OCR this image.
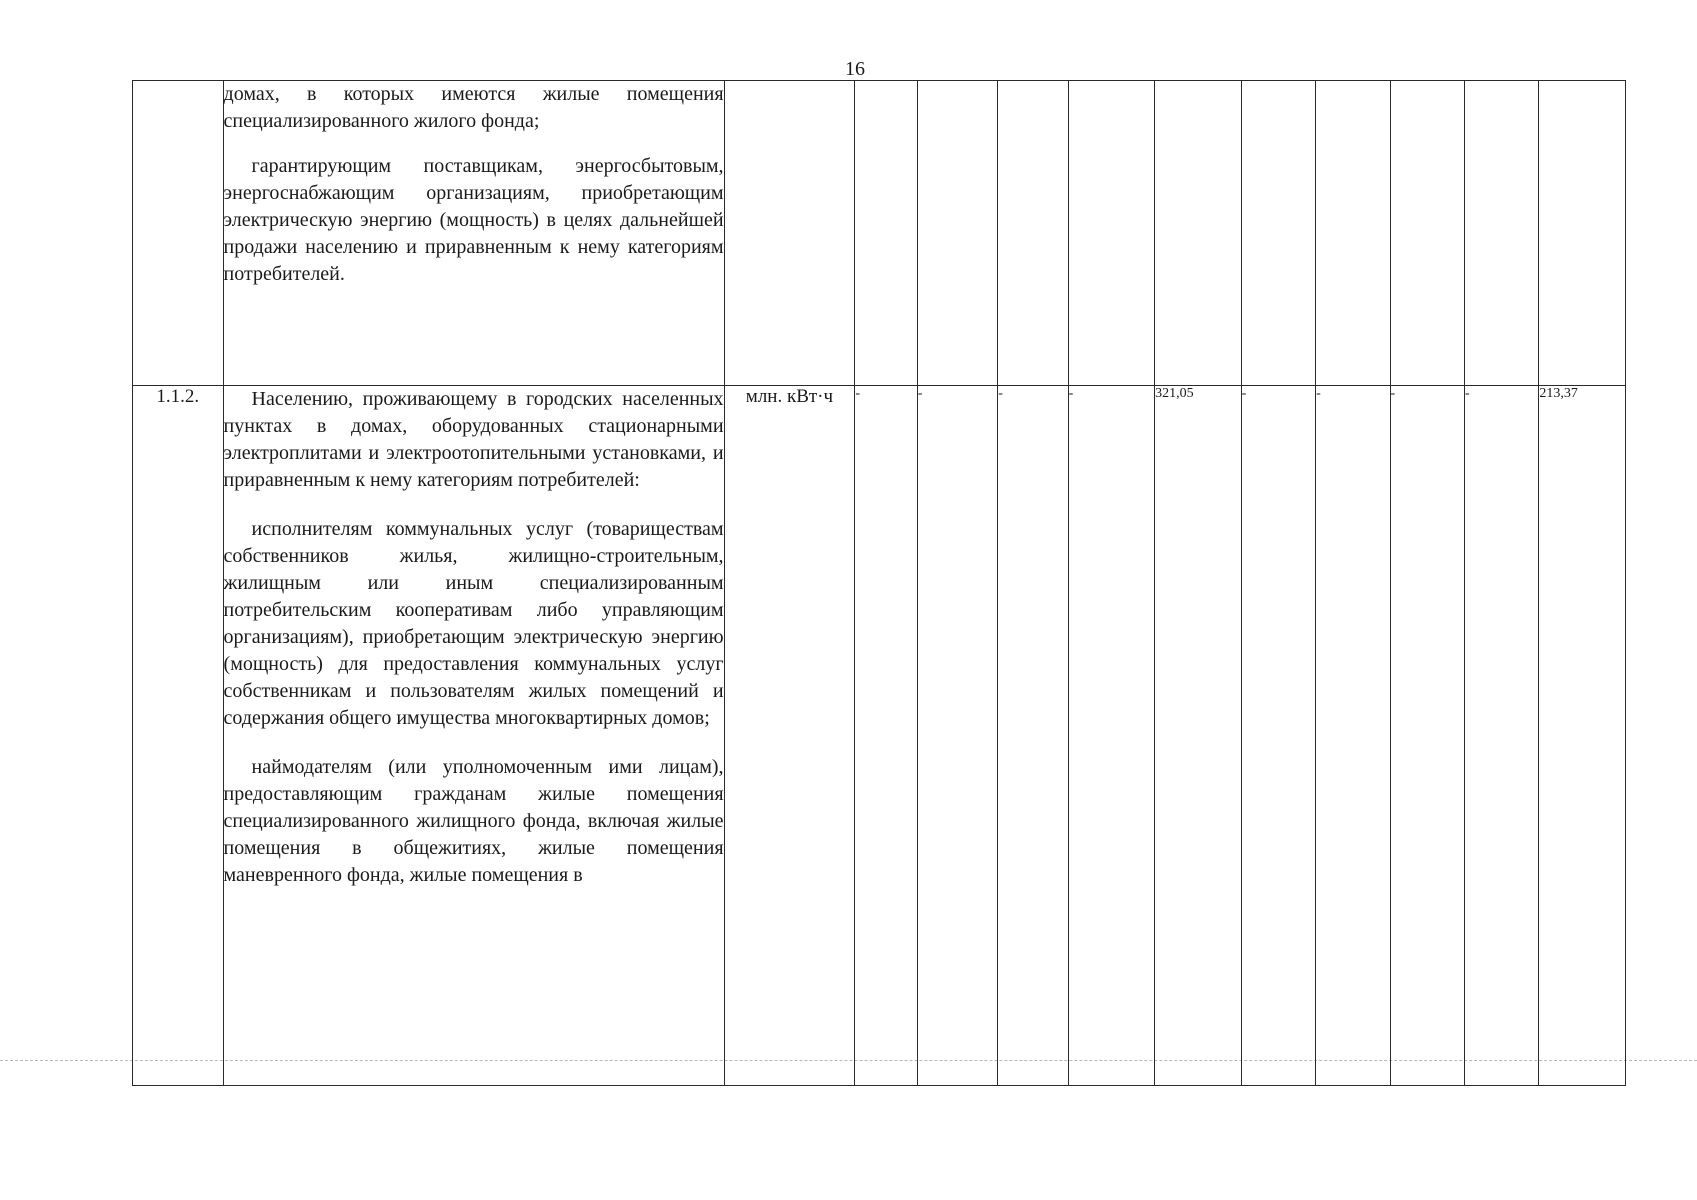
16

	домах, в которых имеются жилые помещения специализированного жилого фонда;

гарантирующим поставщикам, энергосбытовым, энергоснабжающим организациям, приобретающим электрическую энергию (мощность) в целях дальнейшей продажи населению и приравненным к нему категориям потребителей.											

1.1.2.	Населению, проживающему в городских населенных пунктах в домах, оборудованных стационарными электроплитами и электроотопительными установками, и приравненным к нему категориям потребителей:

исполнителям коммунальных услуг (товариществам собственников жилья, жилищно-строительным, жилищным или иным специализированным потребительским кооперативам либо управляющим организациям), приобретающим электрическую энергию (мощность) для предоставления коммунальных услуг собственникам и пользователям жилых помещений и содержания общего имущества многоквартирных домов;

наймодателям (или уполномоченным ими лицам), предоставляющим гражданам жилые помещения специализированного жилищного фонда, включая жилые помещения в общежитиях, жилые помещения маневренного фонда, жилые помещения в	млн. кВт·ч	-	-	-	-	321,05	-	-	-	-	213,37
